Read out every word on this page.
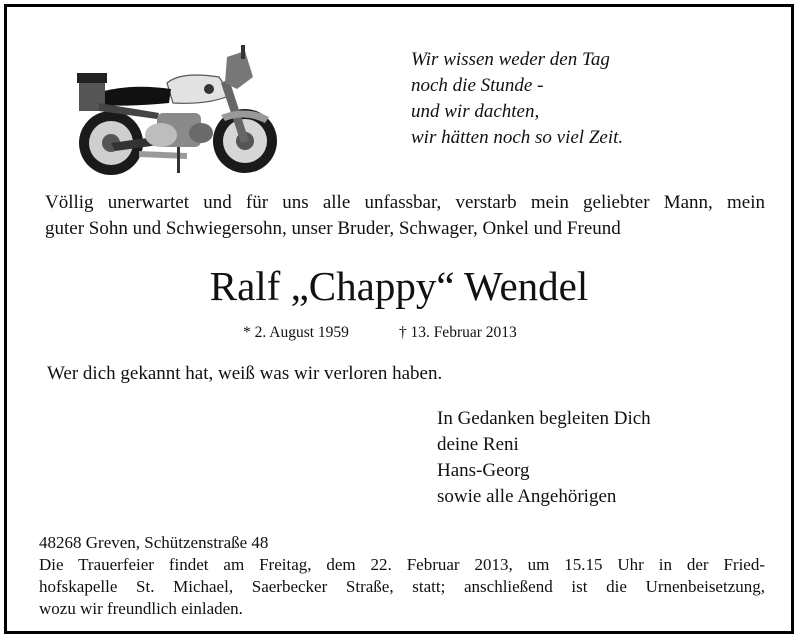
Wir wissen weder den Tag
noch die Stunde -
und wir dachten,
wir hätten noch so viel Zeit.
Völlig unerwartet und für uns alle unfassbar, verstarb mein geliebter Mann, mein
guter Sohn und Schwiegersohn, unser Bruder, Schwager, Onkel und Freund
Ralf „Chappy“ Wendel
* 2. August 1959	† 13. Februar 2013
Wer dich gekannt hat, weiß was wir verloren haben.
In Gedanken begleiten Dich
deine Reni
Hans-Georg
sowie alle Angehörigen
48268 Greven, Schützenstraße 48
Die Trauerfeier findet am Freitag, dem 22. Februar 2013, um 15.15 Uhr in der Fried-
hofskapelle St. Michael, Saerbecker Straße, statt; anschließend ist die Urnenbeisetzung,
wozu wir freundlich einladen.
